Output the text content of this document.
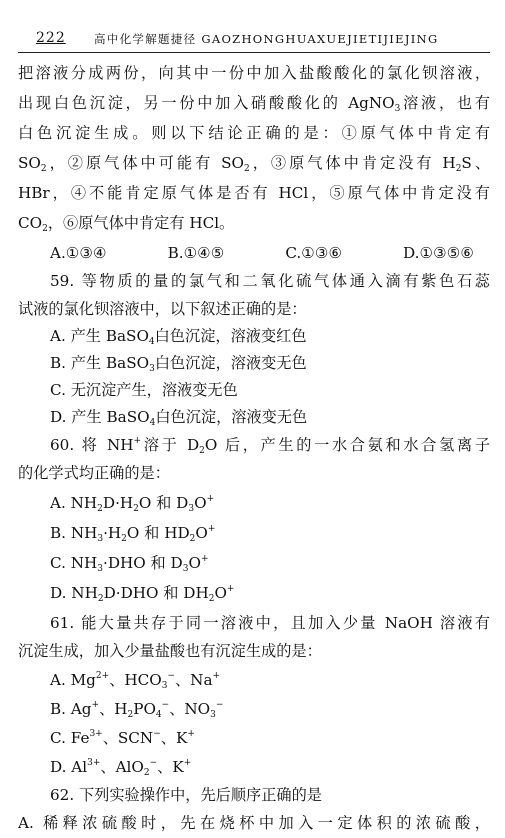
222 高中化学解题捷径 GAOZHONGHUAXUEJIETIJIEJING
把溶液分成两份，向其中一份中加入盐酸酸化的氯化钡溶液，
出现白色沉淀，另一份中加入硝酸酸化的 AgNO$_3$溶液，也有
白色沉淀生成。则以下结论正确的是：①原气体中肯定有
$SO_2$，②原气体中可能有 $SO_2$，③原气体中肯定没有 $H_2S$、
HBr，④不能肯定原气体是否有 HCl，⑤原气体中肯定没有
$CO_2$，⑥原气体中肯定有 HCl。
A.①③④	B.①④⑤	C.①③⑥	D.①③⑤⑥
59. 等物质的量的氯气和二氧化硫气体通入滴有紫色石蕊
试液的氯化钡溶液中，以下叙述正确的是：
A. 产生 BaSO$_4$白色沉淀，溶液变红色
B. 产生 BaSO$_3$白色沉淀，溶液变无色
C. 无沉淀产生，溶液变无色
D. 产生 BaSO$_4$白色沉淀，溶液变无色
60. 将 NH+溶于 $D_2O$ 后，产生的一水合氨和水合氢离子
的化学式均正确的是：
A. $NH_2D\cdot H_2O$ 和 $D_3O^+$
B. $NH_3\cdot H_2O$ 和 $HD_2O^+$
C. $NH_3\cdot DHO$ 和 $D_3O^+$
D. $NH_2D\cdot DHO$ 和 $DH_2O^+$
61. 能大量共存于同一溶液中，且加入少量 NaOH 溶液有
沉淀生成，加入少量盐酸也有沉淀生成的是：
A. $Mg^{2+}$、$HCO_3^-$、Na+
B. Ag+、$H_2PO_4^-$、$NO_3^-$
C. $Fe^{3+}$、SCN−、K+
D. $Al^{3+}$、AlO$_2$−、K+
62. 下列实验操作中，先后顺序正确的是
A. 稀释浓硫酸时，先在烧杯中加入一定体积的浓硫酸，
